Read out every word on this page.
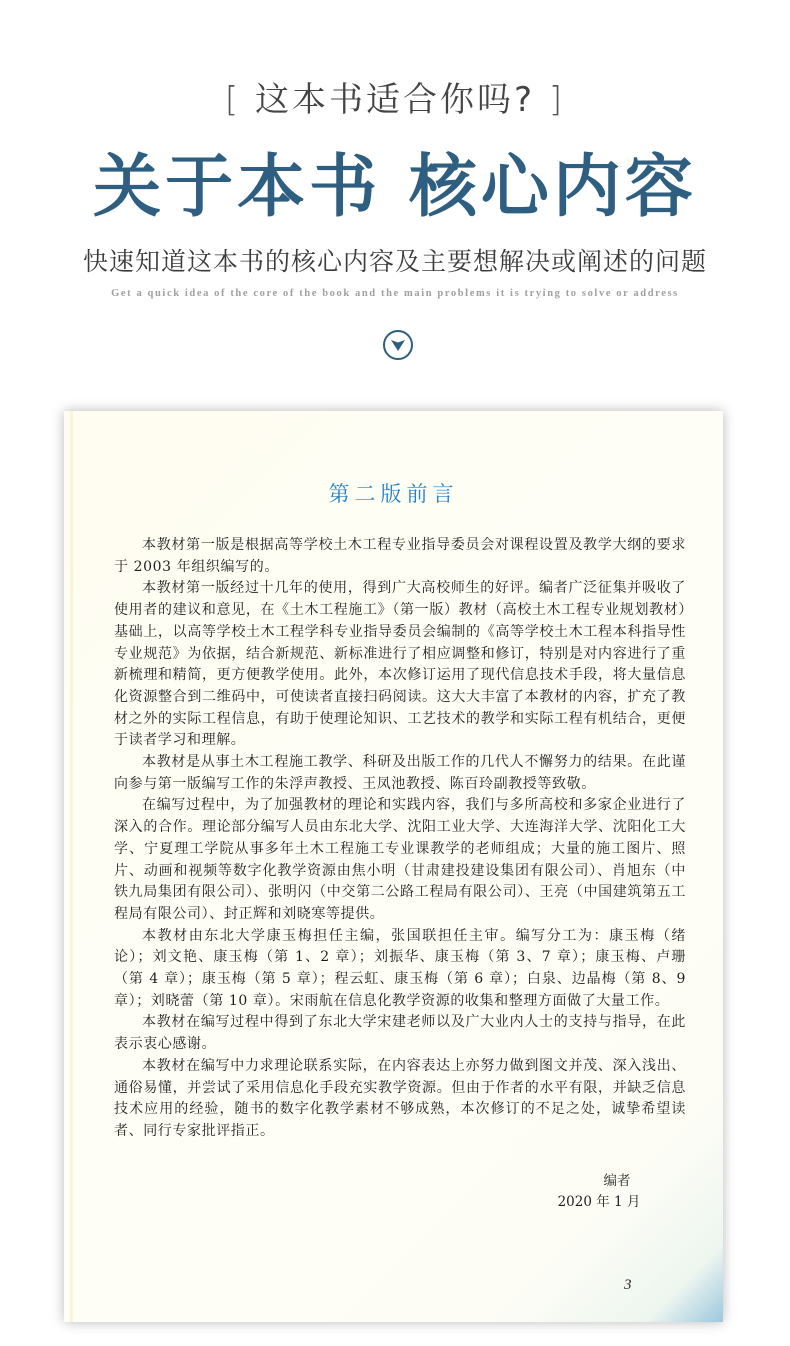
[ 这本书适合你吗? ]
关于本书 核心内容
快速知道这本书的核心内容及主要想解决或阐述的问题
Get a quick idea of the core of the book and the main problems it is trying to solve or address
第二版前言

本教材第一版是根据高等学校土木工程专业指导委员会对课程设置及教学大纲的要求于 2003 年组织编写的。

本教材第一版经过十几年的使用，得到广大高校师生的好评。编者广泛征集并吸收了使用者的建议和意见，在《土木工程施工》（第一版）教材（高校土木工程专业规划教材）基础上，以高等学校土木工程学科专业指导委员会编制的《高等学校土木工程本科指导性专业规范》为依据，结合新规范、新标准进行了相应调整和修订，特别是对内容进行了重新梳理和精简，更方便教学使用。此外，本次修订运用了现代信息技术手段，将大量信息化资源整合到二维码中，可使读者直接扫码阅读。这大大丰富了本教材的内容，扩充了教材之外的实际工程信息，有助于使理论知识、工艺技术的教学和实际工程有机结合，更便于读者学习和理解。

本教材是从事土木工程施工教学、科研及出版工作的几代人不懈努力的结果。在此谨向参与第一版编写工作的朱浮声教授、王凤池教授、陈百玲副教授等致敬。

在编写过程中，为了加强教材的理论和实践内容，我们与多所高校和多家企业进行了深入的合作。理论部分编写人员由东北大学、沈阳工业大学、大连海洋大学、沈阳化工大学、宁夏理工学院从事多年土木工程施工专业课教学的老师组成；大量的施工图片、照片、动画和视频等数字化教学资源由焦小明（甘肃建投建设集团有限公司）、肖旭东（中铁九局集团有限公司）、张明闪（中交第二公路工程局有限公司）、王亮（中国建筑第五工程局有限公司）、封正辉和刘晓寒等提供。

本教材由东北大学康玉梅担任主编，张国联担任主审。编写分工为：康玉梅（绪论）；刘文艳、康玉梅（第 1、2 章）；刘振华、康玉梅（第 3、7 章）；康玉梅、卢珊（第 4 章）；康玉梅（第 5 章）；程云虹、康玉梅（第 6 章）；白泉、边晶梅（第 8、9 章）；刘晓蕾（第 10 章）。宋雨航在信息化教学资源的收集和整理方面做了大量工作。

本教材在编写过程中得到了东北大学宋建老师以及广大业内人士的支持与指导，在此表示衷心感谢。

本教材在编写中力求理论联系实际，在内容表达上亦努力做到图文并茂、深入浅出、通俗易懂，并尝试了采用信息化手段充实教学资源。但由于作者的水平有限，并缺乏信息技术应用的经验，随书的数字化教学素材不够成熟，本次修订的不足之处，诚挚希望读者、同行专家批评指正。

编者
2020 年 1 月
3
